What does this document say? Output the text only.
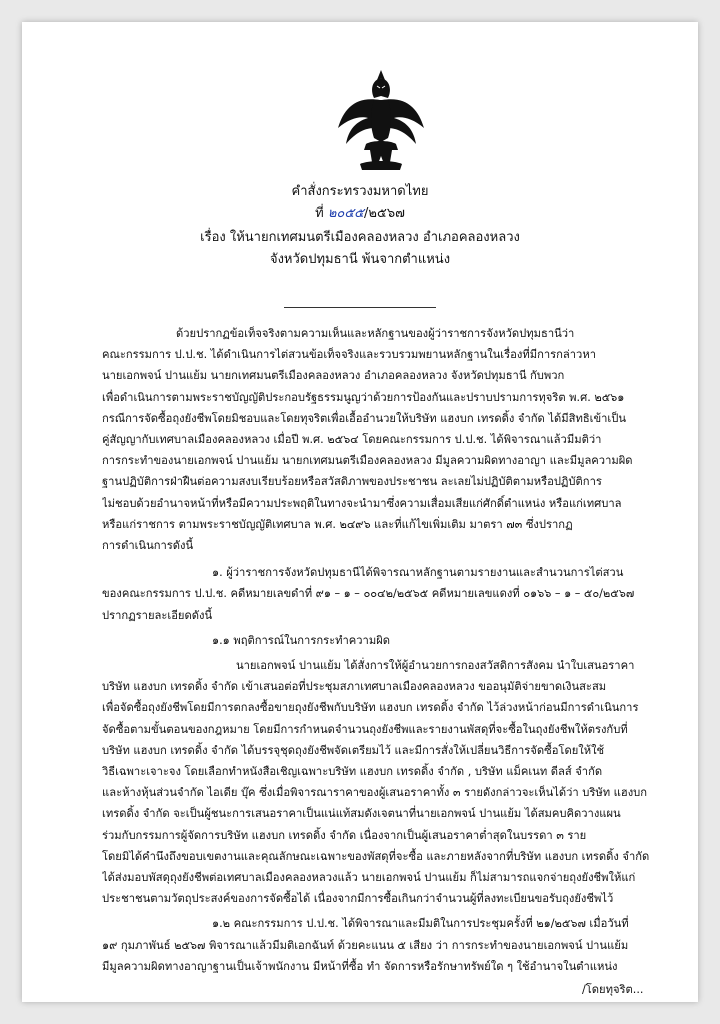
คำสั่งกระทรวงมหาดไทย
ที่ ๒๐๕๕/๒๕๖๗
เรื่อง ให้นายกเทศมนตรีเมืองคลองหลวง อำเภอคลองหลวง
จังหวัดปทุมธานี พ้นจากตำแหน่ง
ด้วยปรากฏข้อเท็จจริงตามความเห็นและหลักฐานของผู้ว่าราชการจังหวัดปทุมธานีว่า
คณะกรรมการ ป.ป.ช. ได้ดำเนินการไต่สวนข้อเท็จจริงและรวบรวมพยานหลักฐานในเรื่องที่มีการกล่าวหา
นายเอกพจน์ ปานแย้ม นายกเทศมนตรีเมืองคลองหลวง อำเภอคลองหลวง จังหวัดปทุมธานี กับพวก
เพื่อดำเนินการตามพระราชบัญญัติประกอบรัฐธรรมนูญว่าด้วยการป้องกันและปราบปรามการทุจริต พ.ศ. ๒๕๖๑
กรณีการจัดซื้อถุงยังชีพโดยมิชอบและโดยทุจริตเพื่อเอื้ออำนวยให้บริษัท แฮงบก เทรดดิ้ง จำกัด ได้มีสิทธิเข้าเป็น
คู่สัญญากับเทศบาลเมืองคลองหลวง เมื่อปี พ.ศ. ๒๕๖๔ โดยคณะกรรมการ ป.ป.ช. ได้พิจารณาแล้วมีมติว่า
การกระทำของนายเอกพจน์ ปานแย้ม นายกเทศมนตรีเมืองคลองหลวง มีมูลความผิดทางอาญา และมีมูลความผิด
ฐานปฏิบัติการฝ่าฝืนต่อความสงบเรียบร้อยหรือสวัสดิภาพของประชาชน ละเลยไม่ปฏิบัติตามหรือปฏิบัติการ
ไม่ชอบด้วยอำนาจหน้าที่หรือมีความประพฤติในทางจะนำมาซึ่งความเสื่อมเสียแก่ศักดิ์ตำแหน่ง หรือแก่เทศบาล
หรือแก่ราชการ ตามพระราชบัญญัติเทศบาล พ.ศ. ๒๔๙๖ และที่แก้ไขเพิ่มเติม มาตรา ๗๓ ซึ่งปรากฏ
การดำเนินการดังนี้
๑. ผู้ว่าราชการจังหวัดปทุมธานีได้พิจารณาหลักฐานตามรายงานและสำนวนการไต่สวน
ของคณะกรรมการ ป.ป.ช. คดีหมายเลขดำที่ ๙๑ – ๑ – ๐๐๔๒/๒๕๖๕ คดีหมายเลขแดงที่ ๐๑๖๖ – ๑ – ๕๐/๒๕๖๗
ปรากฏรายละเอียดดังนี้
๑.๑ พฤติการณ์ในการกระทำความผิด
นายเอกพจน์ ปานแย้ม ได้สั่งการให้ผู้อำนวยการกองสวัสดิการสังคม นำใบเสนอราคา
บริษัท แฮงบก เทรดดิ้ง จำกัด เข้าเสนอต่อที่ประชุมสภาเทศบาลเมืองคลองหลวง ขออนุมัติจ่ายขาดเงินสะสม
เพื่อจัดซื้อถุงยังชีพโดยมีการตกลงซื้อขายถุงยังชีพกับบริษัท แฮงบก เทรดดิ้ง จำกัด ไว้ล่วงหน้าก่อนมีการดำเนินการ
จัดซื้อตามขั้นตอนของกฎหมาย โดยมีการกำหนดจำนวนถุงยังชีพและรายงานพัสดุที่จะซื้อในถุงยังชีพให้ตรงกับที่
บริษัท แฮงบก เทรดดิ้ง จำกัด ได้บรรจุชุดถุงยังชีพจัดเตรียมไว้ และมีการสั่งให้เปลี่ยนวิธีการจัดซื้อโดยให้ใช้
วิธีเฉพาะเจาะจง โดยเลือกทำหนังสือเชิญเฉพาะบริษัท แฮงบก เทรดดิ้ง จำกัด , บริษัท แม็คเนท ดีลส์ จำกัด
และห้างหุ้นส่วนจำกัด ไอเดีย บุ๊ค ซึ่งเมื่อพิจารณาราคาของผู้เสนอราคาทั้ง ๓ รายดังกล่าวจะเห็นได้ว่า บริษัท แฮงบก
เทรดดิ้ง จำกัด จะเป็นผู้ชนะการเสนอราคาเป็นแน่แท้สมดังเจตนาที่นายเอกพจน์ ปานแย้ม ได้สมคบคิดวางแผน
ร่วมกับกรรมการผู้จัดการบริษัท แฮงบก เทรดดิ้ง จำกัด เนื่องจากเป็นผู้เสนอราคาต่ำสุดในบรรดา ๓ ราย
โดยมิได้คำนึงถึงขอบเขตงานและคุณลักษณะเฉพาะของพัสดุที่จะซื้อ และภายหลังจากที่บริษัท แฮงบก เทรดดิ้ง จำกัด
ได้ส่งมอบพัสดุถุงยังชีพต่อเทศบาลเมืองคลองหลวงแล้ว นายเอกพจน์ ปานแย้ม ก็ไม่สามารถแจกจ่ายถุงยังชีพให้แก่
ประชาชนตามวัตถุประสงค์ของการจัดซื้อได้ เนื่องจากมีการซื้อเกินกว่าจำนวนผู้ที่ลงทะเบียนขอรับถุงยังชีพไว้
๑.๒ คณะกรรมการ ป.ป.ช. ได้พิจารณาและมีมติในการประชุมครั้งที่ ๒๑/๒๕๖๗ เมื่อวันที่
๑๙ กุมภาพันธ์ ๒๕๖๗ พิจารณาแล้วมีมติเอกฉันท์ ด้วยคะแนน ๕ เสียง ว่า การกระทำของนายเอกพจน์ ปานแย้ม
มีมูลความผิดทางอาญาฐานเป็นเจ้าพนักงาน มีหน้าที่ซื้อ ทำ จัดการหรือรักษาทรัพย์ใด ๆ ใช้อำนาจในตำแหน่ง
/โดยทุจริต...
